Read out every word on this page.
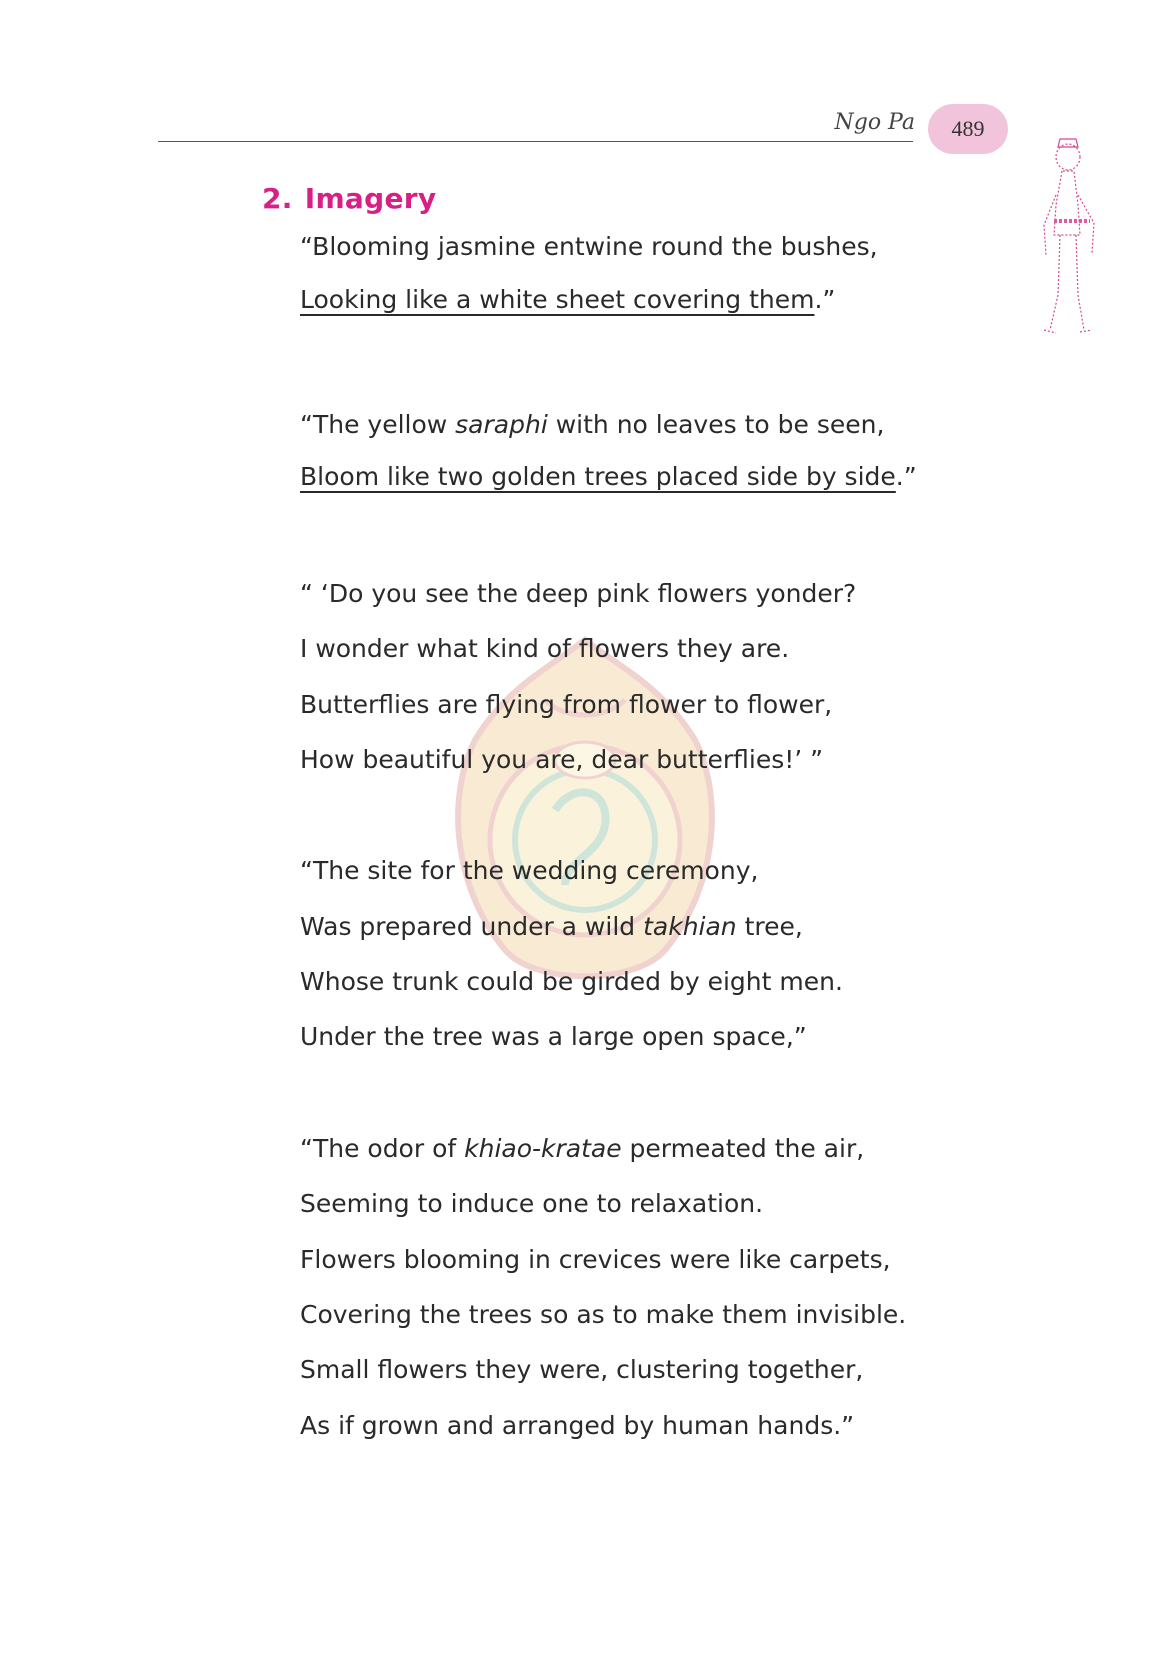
Ngo Pa 489
2. Imagery
“Blooming jasmine entwine round the bushes,
Looking like a white sheet covering them.”
“The yellow saraphi with no leaves to be seen,
Bloom like two golden trees placed side by side.”
“ ‘Do you see the deep pink flowers yonder?
I wonder what kind of flowers they are.
Butterflies are flying from flower to flower,
How beautiful you are, dear butterflies!’ ”
“The site for the wedding ceremony,
Was prepared under a wild takhian tree,
Whose trunk could be girded by eight men.
Under the tree was a large open space,”
“The odor of khiao-kratae permeated the air,
Seeming to induce one to relaxation.
Flowers blooming in crevices were like carpets,
Covering the trees so as to make them invisible.
Small flowers they were, clustering together,
As if grown and arranged by human hands.”
